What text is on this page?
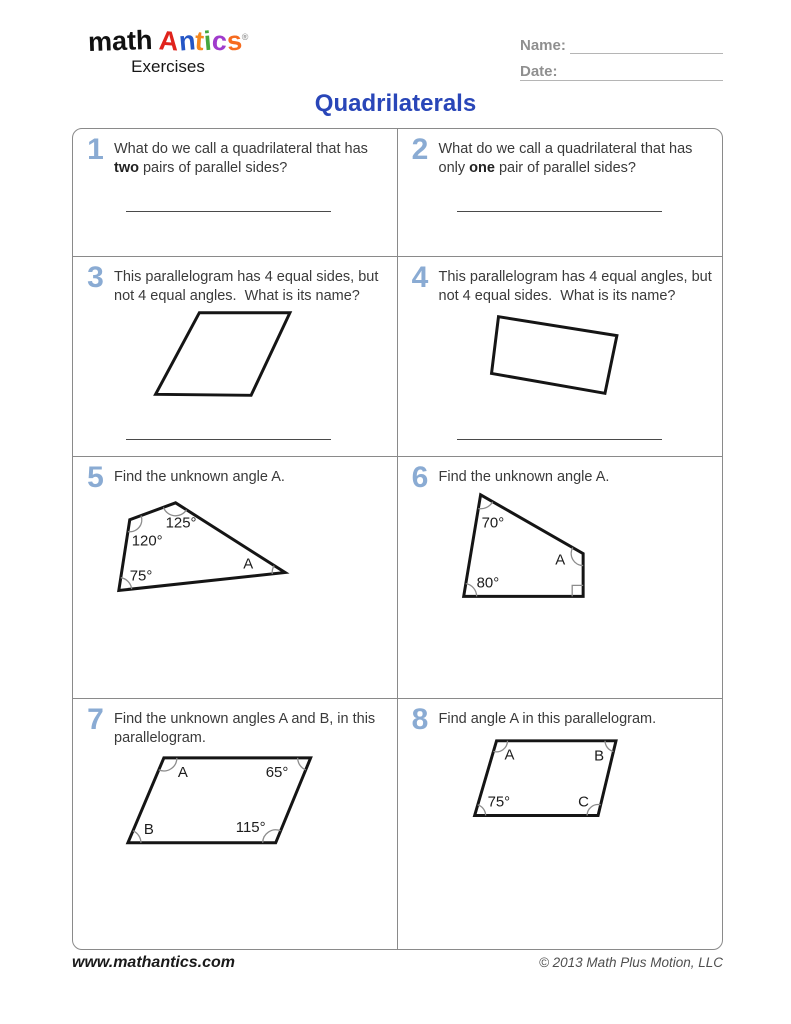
math Antics®
Exercises
Name:
Date:
Quadrilaterals
1 What do we call a quadrilateral that has two pairs of parallel sides?
2 What do we call a quadrilateral that has only one pair of parallel sides?
3 This parallelogram has 4 equal sides, but not 4 equal angles.  What is its name?
4 This parallelogram has 4 equal angles, but not 4 equal sides.  What is its name?
5 Find the unknown angle A.
125°
120°
75°
A
6 Find the unknown angle A.
70°
A
80°
7 Find the unknown angles A and B, in this parallelogram.
A	65°
B	115°
8 Find angle A in this parallelogram.
A	B
75°	C
www.mathantics.com	© 2013 Math Plus Motion, LLC
